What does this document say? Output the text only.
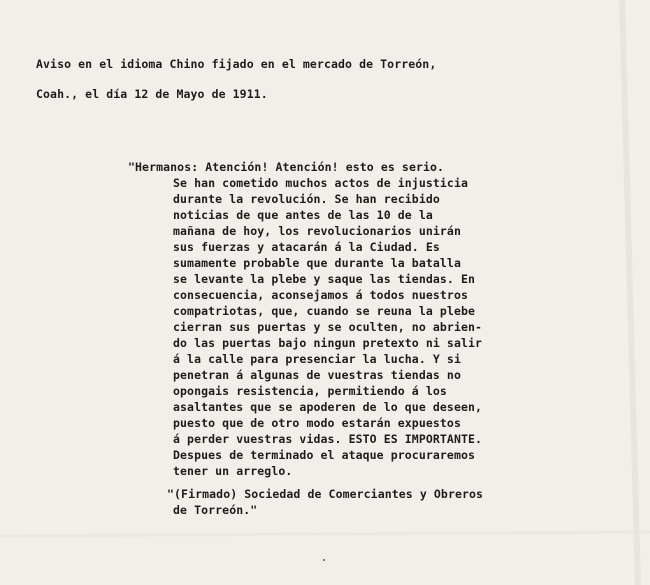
Aviso en el idioma Chino fijado en el mercado de Torreón,
Coah., el día 12 de Mayo de 1911.
"Hermanos: Atención! Atención! esto es serio.
Se han cometido muchos actos de injusticia
durante la revolución. Se han recibido
noticias de que antes de las 10 de la
mañana de hoy, los revolucionarios unirán
sus fuerzas y atacarán á la Ciudad. Es
sumamente probable que durante la batalla
se levante la plebe y saque las tiendas. En
consecuencia, aconsejamos á todos nuestros
compatriotas, que, cuando se reuna la plebe
cierran sus puertas y se oculten, no abrien-
do las puertas bajo ningun pretexto ni salir
á la calle para presenciar la lucha. Y si
penetran á algunas de vuestras tiendas no
opongais resistencia, permitiendo á los
asaltantes que se apoderen de lo que deseen,
puesto que de otro modo estarán expuestos
á perder vuestras vidas. ESTO ES IMPORTANTE.
Despues de terminado el ataque procuraremos
tener un arreglo.
"(Firmado) Sociedad de Comerciantes y Obreros
de Torreón."
